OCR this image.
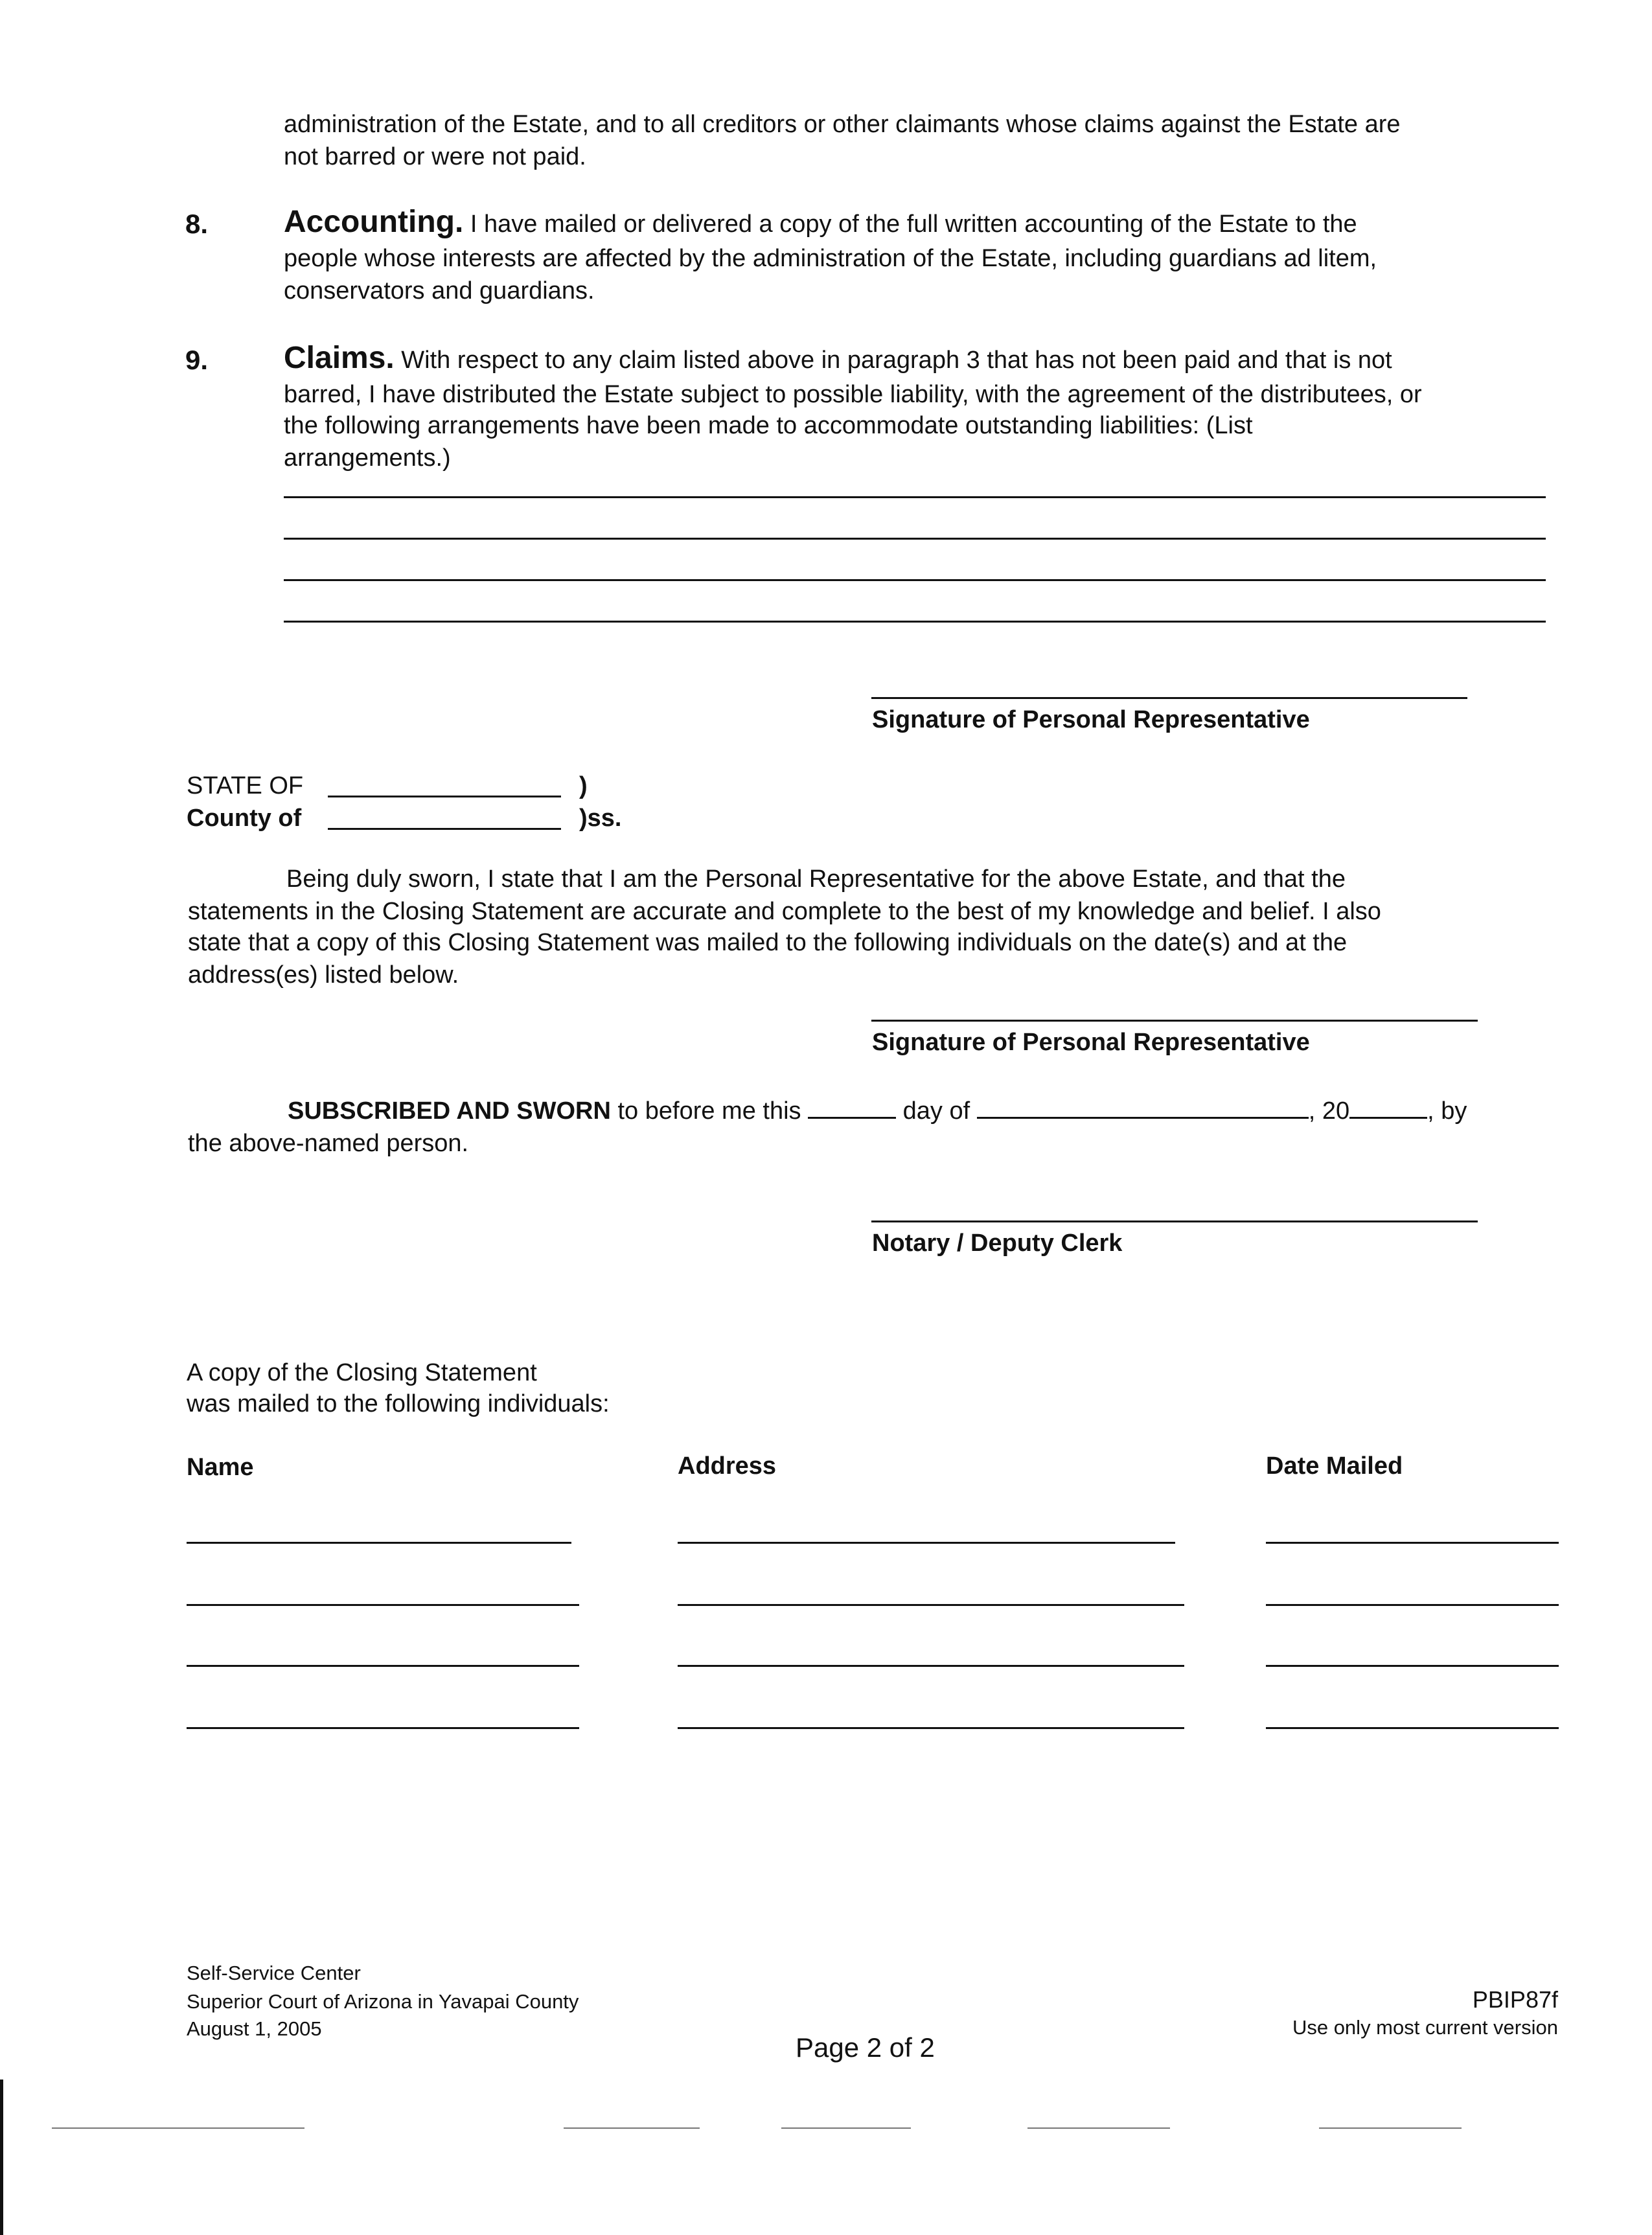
administration of the Estate, and to all creditors or other claimants whose claims against the Estate are
not barred or were not paid.
8. Accounting. I have mailed or delivered a copy of the full written accounting of the Estate to the
people whose interests are affected by the administration of the Estate, including guardians ad litem,
conservators and guardians.
9. Claims. With respect to any claim listed above in paragraph 3 that has not been paid and that is not
barred, I have distributed the Estate subject to possible liability, with the agreement of the distributees, or
the following arrangements have been made to accommodate outstanding liabilities: (List
arrangements.)
Signature of Personal Representative
STATE OF	)
County of	)ss.
Being duly sworn, I state that I am the Personal Representative for the above Estate, and that the
statements in the Closing Statement are accurate and complete to the best of my knowledge and belief. I also
state that a copy of this Closing Statement was mailed to the following individuals on the date(s) and at the
address(es) listed below.
Signature of Personal Representative
SUBSCRIBED AND SWORN to before me this	day of	, 20	, by
the above-named person.
Notary / Deputy Clerk
A copy of the Closing Statement
was mailed to the following individuals:
Name	Address	Date Mailed
Self-Service Center
Superior Court of Arizona in Yavapai County
August 1, 2005
Page 2 of 2
PBIP87f
Use only most current version
